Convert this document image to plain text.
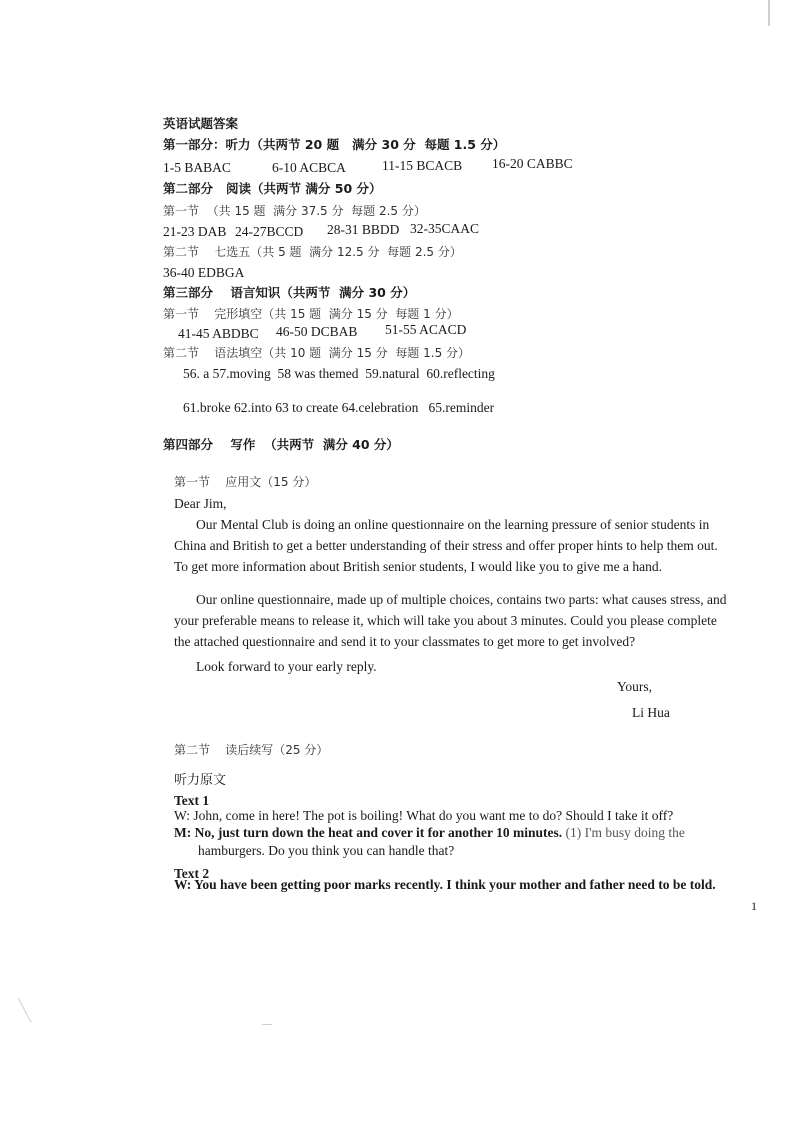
英语试题答案
第一部分：听力（共两节 20 题   满分 30 分  每题 1.5 分）
1-5 BABAC	6-10 ACBCA	11-15 BCACB 16-20 CABBC
第二部分   阅读（共两节 满分 50 分）
第一节  （共 15 题  满分 37.5 分  每题 2.5 分）
21-23 DAB 24-27BCCD 28-31 BBDD 32-35CAAC
第二节    七选五（共 5 题  满分 12.5 分  每题 2.5 分）
36-40 EDBGA
第三部分    语言知识（共两节  满分 30 分）
第一节    完形填空（共 15 题  满分 15 分  每题 1 分）
41-45 ABDBC 46-50 DCBAB 51-55 ACACD
第二节    语法填空（共 10 题  满分 15 分  每题 1.5 分）
56. a 57.moving  58 was themed  59.natural  60.reflecting
61.broke 62.into 63 to create 64.celebration   65.reminder
第四部分    写作  （共两节  满分 40 分）
第一节    应用文（15 分）
Dear Jim,
Our Mental Club is doing an online questionnaire on the learning pressure of senior students in China and British to get a better understanding of their stress and offer proper hints to help them out. To get more information about British senior students, I would like you to give me a hand.
Our online questionnaire, made up of multiple choices, contains two parts: what causes stress, and your preferable means to release it, which will take you about 3 minutes. Could you please complete the attached questionnaire and send it to your classmates to get more to get involved?
Look forward to your early reply.
Yours,
Li Hua
第二节    读后续写（25 分）
听力原文
Text 1
W: John, come in here! The pot is boiling! What do you want me to do? Should I take it off?
M: No, just turn down the heat and cover it for another 10 minutes. (1) I'm busy doing the
hamburgers. Do you think you can handle that?
Text 2
W: You have been getting poor marks recently. I think your mother and father need to be told.
1
